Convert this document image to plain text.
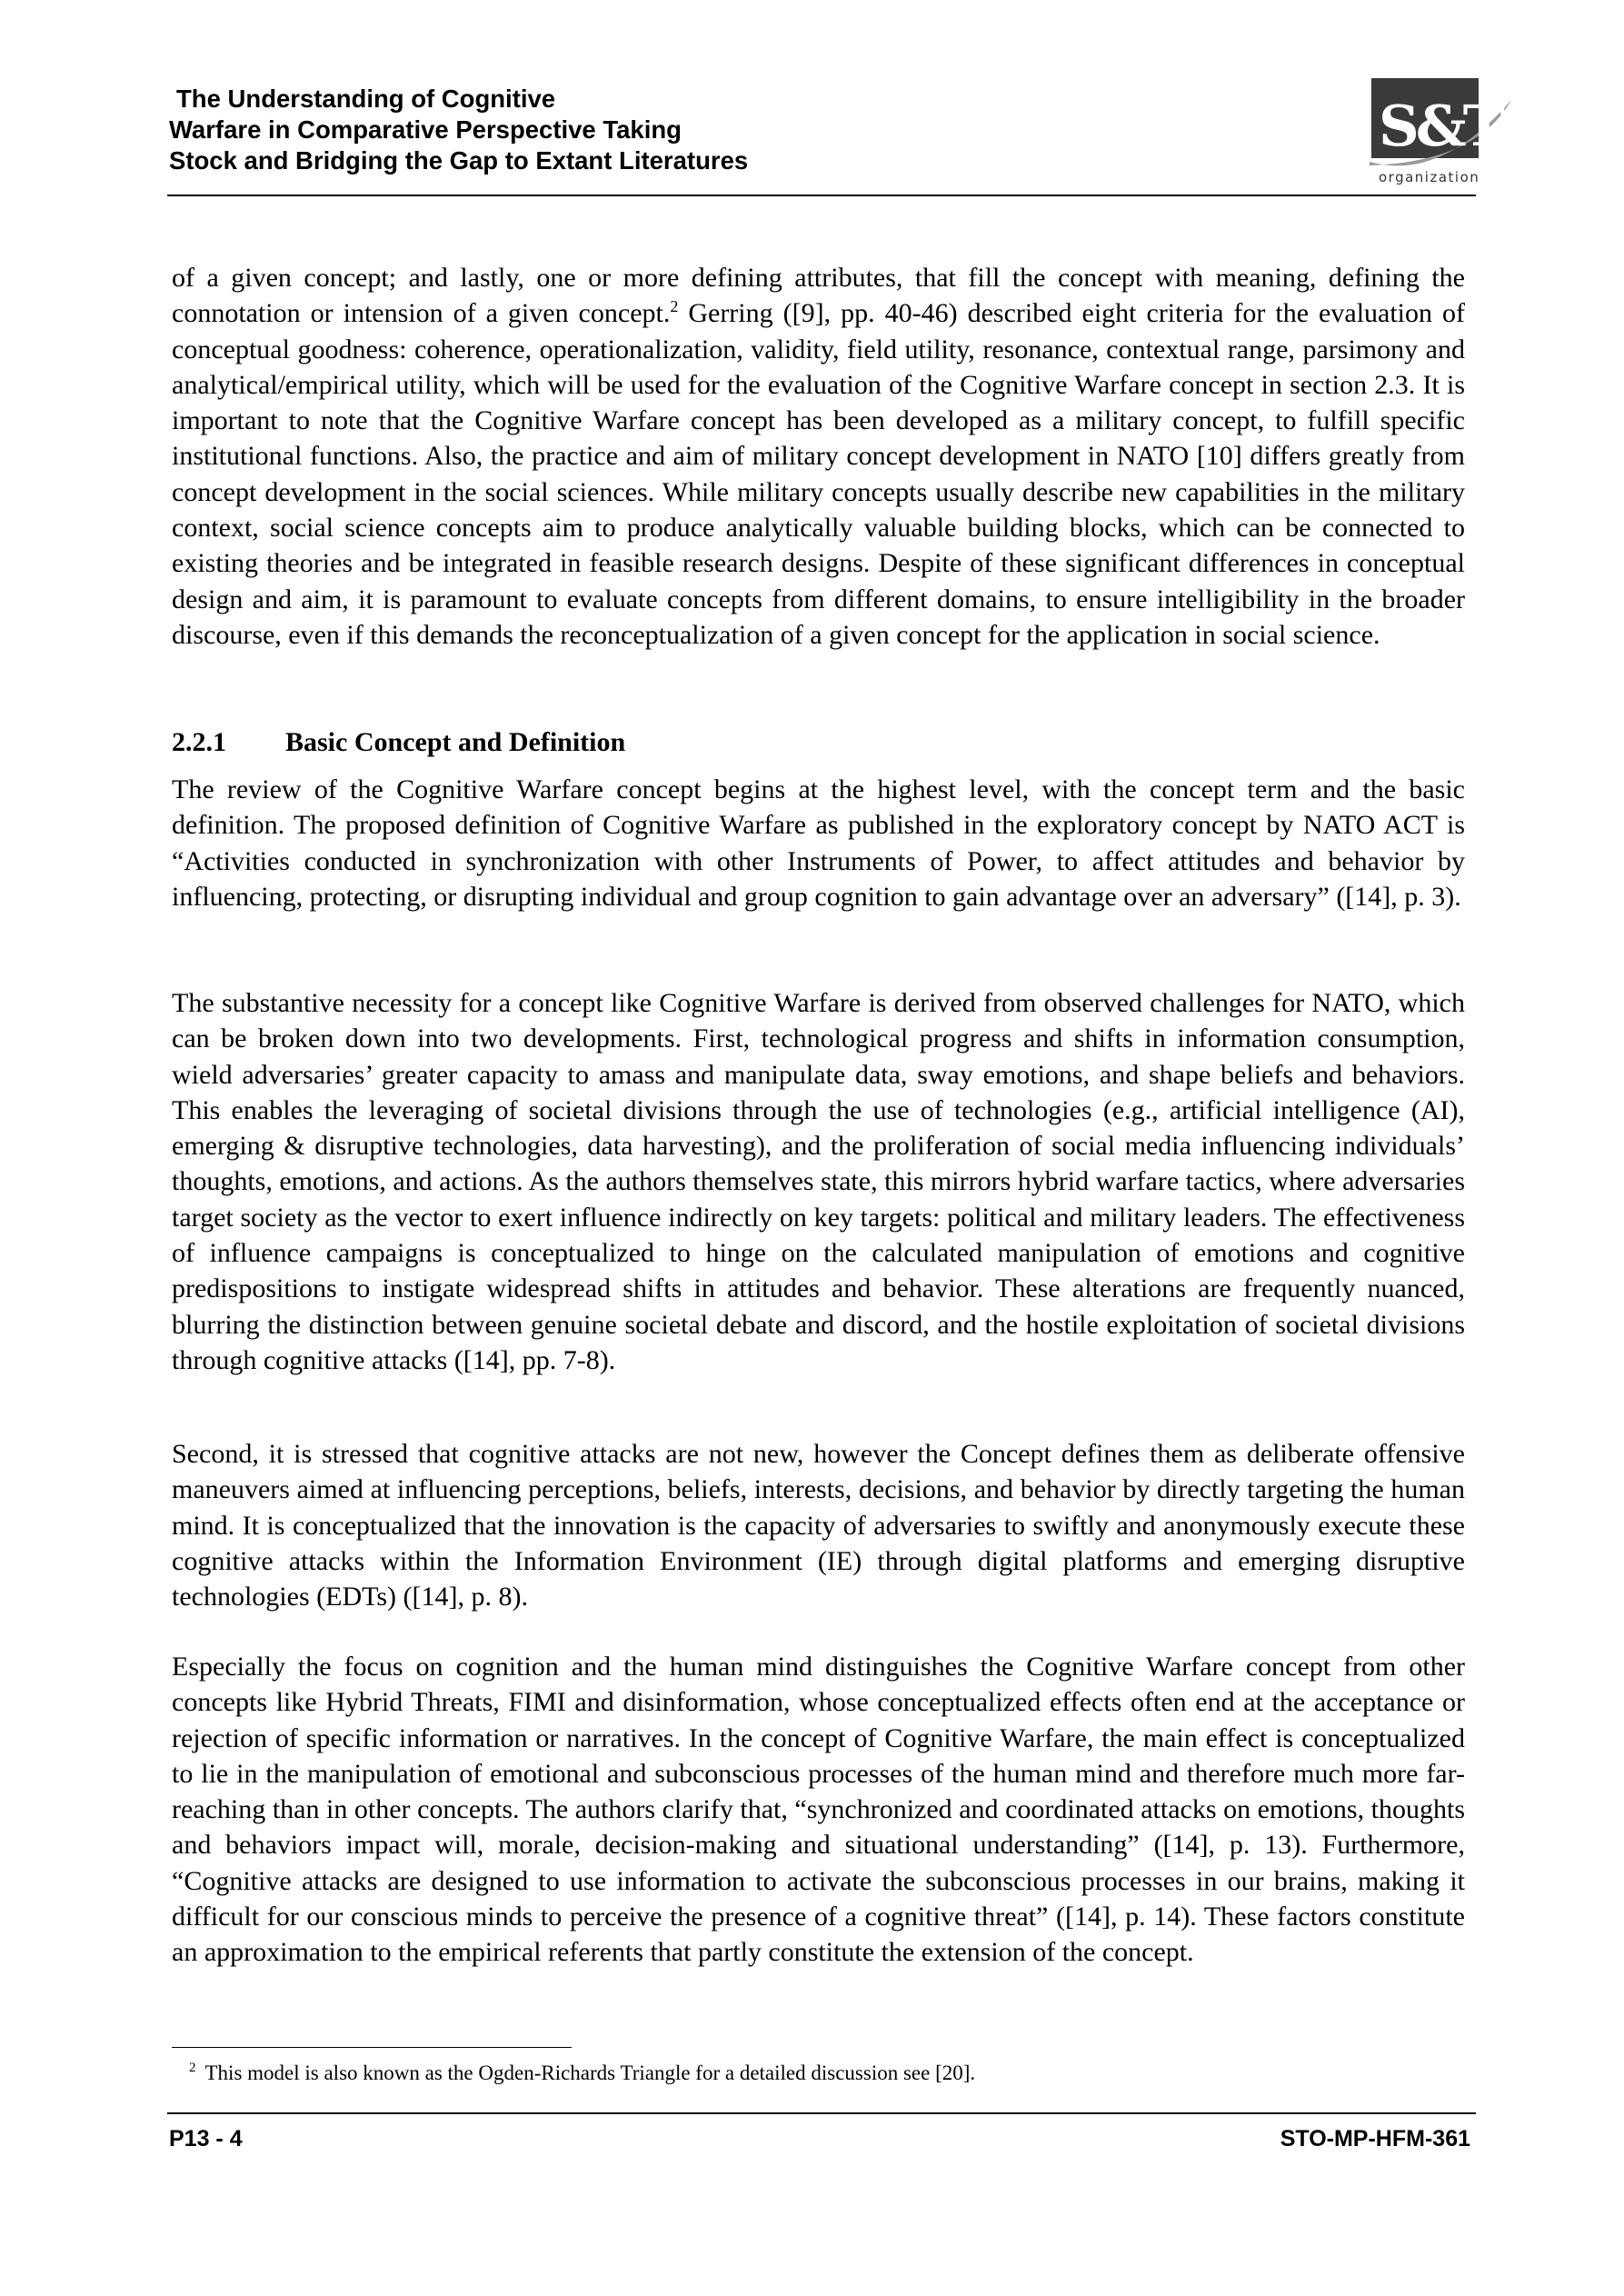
The Understanding of Cognitive
Warfare in Comparative Perspective Taking
Stock and Bridging the Gap to Extant Literatures
S&T
organization

of a given concept; and lastly, one or more defining attributes, that fill the concept with meaning, defining the connotation or intension of a given concept.$^2$ Gerring ([9], pp. 40-46) described eight criteria for the evaluation of conceptual goodness: coherence, operationalization, validity, field utility, resonance, contextual range, parsimony and analytical/empirical utility, which will be used for the evaluation of the Cognitive Warfare concept in section 2.3. It is important to note that the Cognitive Warfare concept has been developed as a military concept, to fulfill specific institutional functions. Also, the practice and aim of military concept development in NATO [10] differs greatly from concept development in the social sciences. While military concepts usually describe new capabilities in the military context, social science concepts aim to produce analytically valuable building blocks, which can be connected to existing theories and be integrated in feasible research designs. Despite of these significant differences in conceptual design and aim, it is paramount to evaluate concepts from different domains, to ensure intelligibility in the broader discourse, even if this demands the reconceptualization of a given concept for the application in social science.

2.2.1 Basic Concept and Definition

The review of the Cognitive Warfare concept begins at the highest level, with the concept term and the basic definition. The proposed definition of Cognitive Warfare as published in the exploratory concept by NATO ACT is “Activities conducted in synchronization with other Instruments of Power, to affect attitudes and behavior by influencing, protecting, or disrupting individual and group cognition to gain advantage over an adversary” ([14], p. 3).

The substantive necessity for a concept like Cognitive Warfare is derived from observed challenges for NATO, which can be broken down into two developments. First, technological progress and shifts in information consumption, wield adversaries’ greater capacity to amass and manipulate data, sway emotions, and shape beliefs and behaviors. This enables the leveraging of societal divisions through the use of technologies (e.g., artificial intelligence (AI), emerging & disruptive technologies, data harvesting), and the proliferation of social media influencing individuals’ thoughts, emotions, and actions. As the authors themselves state, this mirrors hybrid warfare tactics, where adversaries target society as the vector to exert influence indirectly on key targets: political and military leaders. The effectiveness of influence campaigns is conceptualized to hinge on the calculated manipulation of emotions and cognitive predispositions to instigate widespread shifts in attitudes and behavior. These alterations are frequently nuanced, blurring the distinction between genuine societal debate and discord, and the hostile exploitation of societal divisions through cognitive attacks ([14], pp. 7-8).

Second, it is stressed that cognitive attacks are not new, however the Concept defines them as deliberate offensive maneuvers aimed at influencing perceptions, beliefs, interests, decisions, and behavior by directly targeting the human mind. It is conceptualized that the innovation is the capacity of adversaries to swiftly and anonymously execute these cognitive attacks within the Information Environment (IE) through digital platforms and emerging disruptive technologies (EDTs) ([14], p. 8).

Especially the focus on cognition and the human mind distinguishes the Cognitive Warfare concept from other concepts like Hybrid Threats, FIMI and disinformation, whose conceptualized effects often end at the acceptance or rejection of specific information or narratives. In the concept of Cognitive Warfare, the main effect is conceptualized to lie in the manipulation of emotional and subconscious processes of the human mind and therefore much more far-reaching than in other concepts. The authors clarify that, “synchronized and coordinated attacks on emotions, thoughts and behaviors impact will, morale, decision-making and situational understanding” ([14], p. 13). Furthermore, “Cognitive attacks are designed to use information to activate the subconscious processes in our brains, making it difficult for our conscious minds to perceive the presence of a cognitive threat” ([14], p. 14). These factors constitute an approximation to the empirical referents that partly constitute the extension of the concept.

$^2$ This model is also known as the Ogden-Richards Triangle for a detailed discussion see [20].
P13 - 4	STO-MP-HFM-361
